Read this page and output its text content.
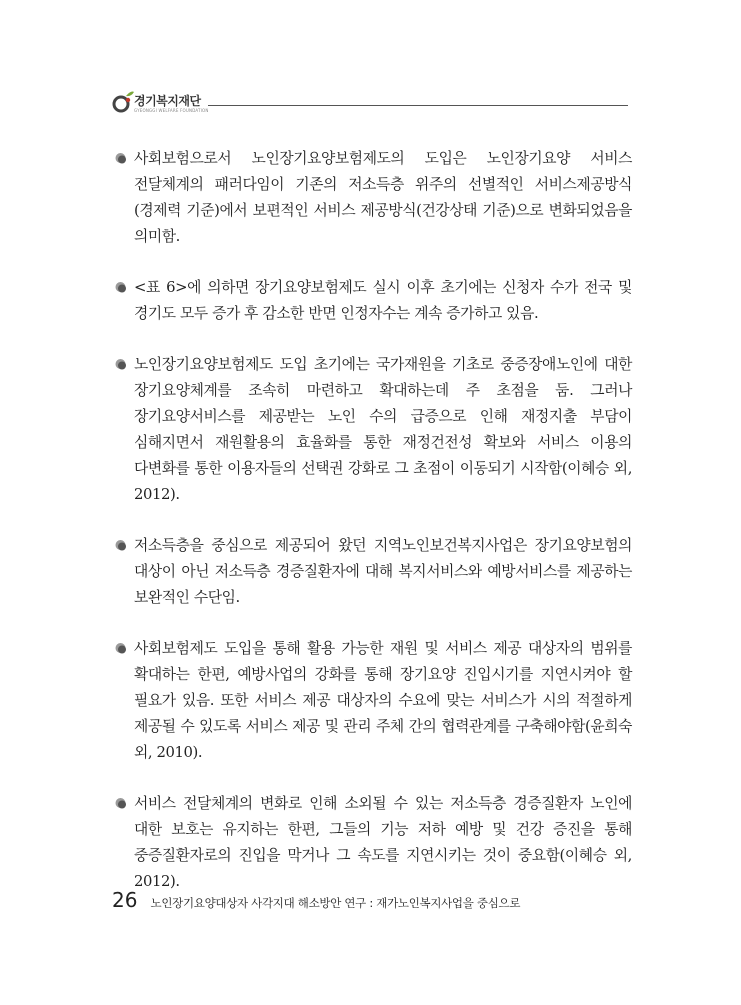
경기복지재단
GYEONGGI WELFARE FOUNDATION
사회보험으로서 노인장기요양보험제도의 도입은 노인장기요양 서비스 전달체계의 패러다임이 기존의 저소득층 위주의 선별적인 서비스제공방식(경제력 기준)에서 보편적인 서비스 제공방식(건강상태 기준)으로 변화되었음을 의미함.
<표 6>에 의하면 장기요양보험제도 실시 이후 초기에는 신청자 수가 전국 및 경기도 모두 증가 후 감소한 반면 인정자수는 계속 증가하고 있음.
노인장기요양보험제도 도입 초기에는 국가재원을 기초로 중증장애노인에 대한 장기요양체계를 조속히 마련하고 확대하는데 주 초점을 둠. 그러나 장기요양서비스를 제공받는 노인 수의 급증으로 인해 재정지출 부담이 심해지면서 재원활용의 효율화를 통한 재정건전성 확보와 서비스 이용의 다변화를 통한 이용자들의 선택권 강화로 그 초점이 이동되기 시작함(이혜승 외, 2012).
저소득층을 중심으로 제공되어 왔던 지역노인보건복지사업은 장기요양보험의 대상이 아닌 저소득층 경증질환자에 대해 복지서비스와 예방서비스를 제공하는 보완적인 수단임.
사회보험제도 도입을 통해 활용 가능한 재원 및 서비스 제공 대상자의 범위를 확대하는 한편, 예방사업의 강화를 통해 장기요양 진입시기를 지연시켜야 할 필요가 있음. 또한 서비스 제공 대상자의 수요에 맞는 서비스가 시의 적절하게 제공될 수 있도록 서비스 제공 및 관리 주체 간의 협력관계를 구축해야함(윤희숙 외, 2010).
서비스 전달체계의 변화로 인해 소외될 수 있는 저소득층 경증질환자 노인에 대한 보호는 유지하는 한편, 그들의 기능 저하 예방 및 건강 증진을 통해 중증질환자로의 진입을 막거나 그 속도를 지연시키는 것이 중요함(이혜승 외, 2012).
26 노인장기요양대상자 사각지대 해소방안 연구 : 재가노인복지사업을 중심으로
